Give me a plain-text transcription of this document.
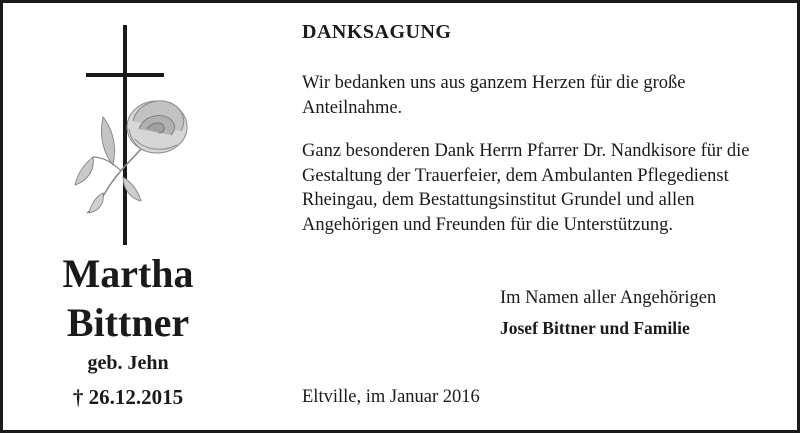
Martha
Bittner
geb. Jehn
† 26.12.2015
DANKSAGUNG

Wir bedanken uns aus ganzem Herzen für die große Anteilnahme.

Ganz besonderen Dank Herrn Pfarrer Dr. Nandkisore für die Gestaltung der Trauerfeier, dem Ambulanten Pflegedienst Rheingau, dem Bestattungsinstitut Grundel und allen Angehörigen und Freunden für die Unterstützung.

Im Namen aller Angehörigen
Josef Bittner und Familie
Eltville, im Januar 2016
